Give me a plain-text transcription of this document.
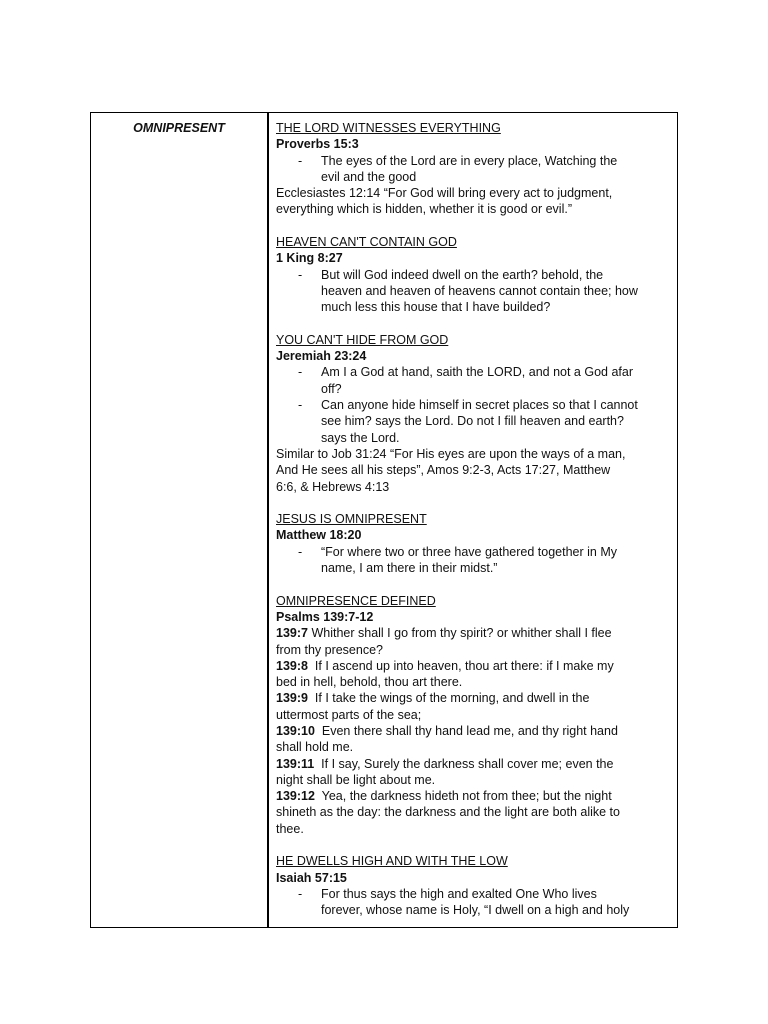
OMNIPRESENT	THE LORD WITNESSES EVERYTHING
Proverbs 15:3
- The eyes of the Lord are in every place, Watching the
evil and the good
Ecclesiastes 12:14 “For God will bring every act to judgment,
everything which is hidden, whether it is good or evil.”
HEAVEN CAN'T CONTAIN GOD
1 King 8:27
- But will God indeed dwell on the earth? behold, the
heaven and heaven of heavens cannot contain thee; how
much less this house that I have builded?
YOU CAN'T HIDE FROM GOD
Jeremiah 23:24
- Am I a God at hand, saith the LORD, and not a God afar
off?
- Can anyone hide himself in secret places so that I cannot
see him? says the Lord. Do not I fill heaven and earth?
says the Lord.
Similar to Job 31:24 “For His eyes are upon the ways of a man,
And He sees all his steps”, Amos 9:2-3, Acts 17:27, Matthew
6:6, & Hebrews 4:13
JESUS IS OMNIPRESENT
Matthew 18:20
- “For where two or three have gathered together in My
name, I am there in their midst.”
OMNIPRESENCE DEFINED
Psalms 139:7-12
139:7 Whither shall I go from thy spirit? or whither shall I flee
from thy presence?
139:8  If I ascend up into heaven, thou art there: if I make my
bed in hell, behold, thou art there.
139:9  If I take the wings of the morning, and dwell in the
uttermost parts of the sea;
139:10  Even there shall thy hand lead me, and thy right hand
shall hold me.
139:11  If I say, Surely the darkness shall cover me; even the
night shall be light about me.
139:12  Yea, the darkness hideth not from thee; but the night
shineth as the day: the darkness and the light are both alike to
thee.
HE DWELLS HIGH AND WITH THE LOW
Isaiah 57:15
- For thus says the high and exalted One Who lives
forever, whose name is Holy, “I dwell on a high and holy
